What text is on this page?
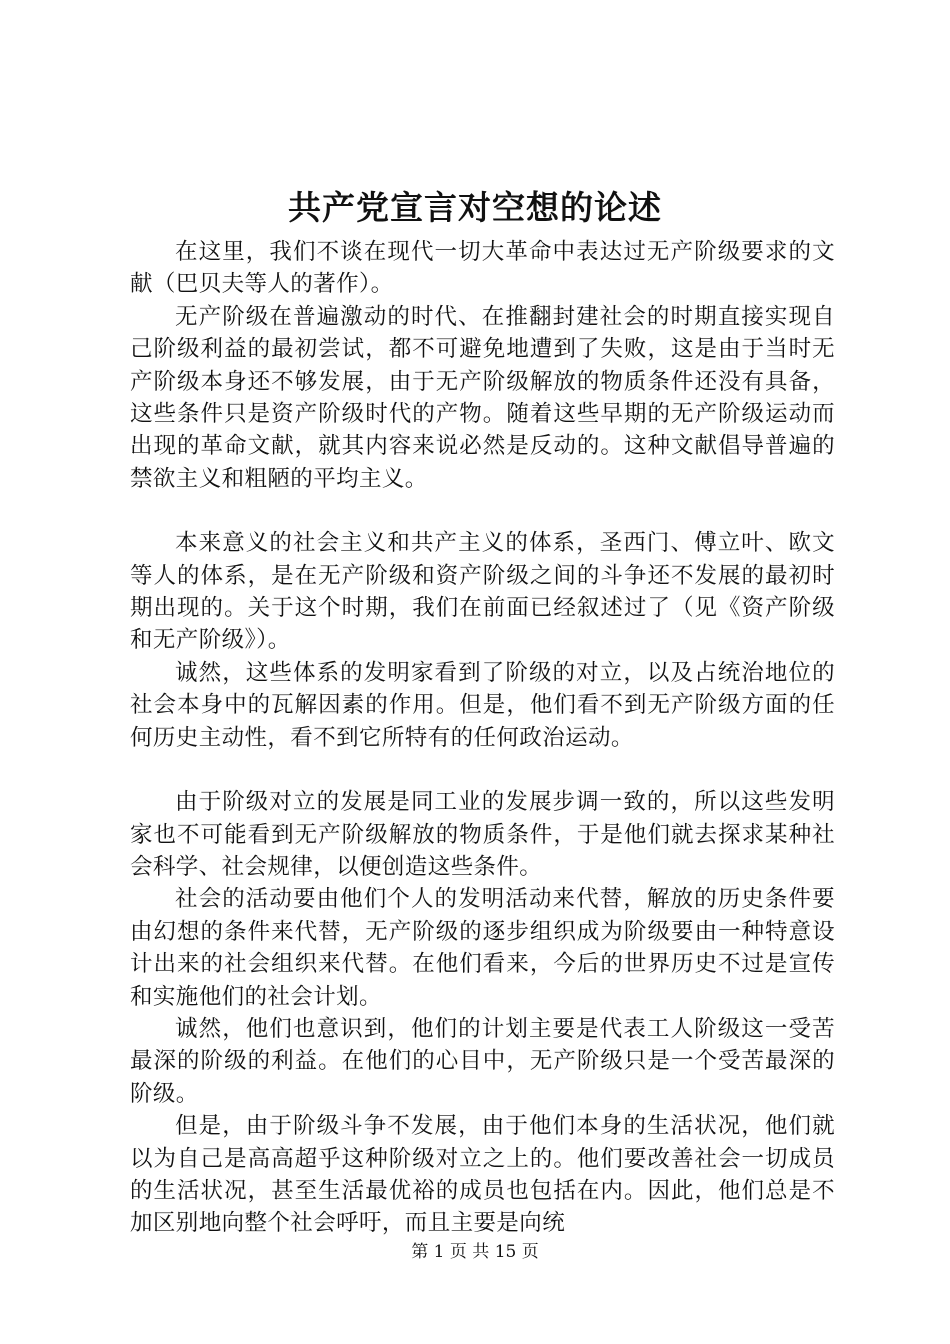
共产党宣言对空想的论述

在这里，我们不谈在现代一切大革命中表达过无产阶级要求的文献（巴贝夫等人的著作）。

无产阶级在普遍激动的时代、在推翻封建社会的时期直接实现自己阶级利益的最初尝试，都不可避免地遭到了失败，这是由于当时无产阶级本身还不够发展，由于无产阶级解放的物质条件还没有具备，这些条件只是资产阶级时代的产物。随着这些早期的无产阶级运动而出现的革命文献，就其内容来说必然是反动的。这种文献倡导普遍的禁欲主义和粗陋的平均主义。

本来意义的社会主义和共产主义的体系，圣西门、傅立叶、欧文等人的体系，是在无产阶级和资产阶级之间的斗争还不发展的最初时期出现的。关于这个时期，我们在前面已经叙述过了（见《资产阶级和无产阶级》）。

诚然，这些体系的发明家看到了阶级的对立，以及占统治地位的社会本身中的瓦解因素的作用。但是，他们看不到无产阶级方面的任何历史主动性，看不到它所特有的任何政治运动。

由于阶级对立的发展是同工业的发展步调一致的，所以这些发明家也不可能看到无产阶级解放的物质条件，于是他们就去探求某种社会科学、社会规律，以便创造这些条件。

社会的活动要由他们个人的发明活动来代替，解放的历史条件要由幻想的条件来代替，无产阶级的逐步组织成为阶级要由一种特意设计出来的社会组织来代替。在他们看来，今后的世界历史不过是宣传和实施他们的社会计划。

诚然，他们也意识到，他们的计划主要是代表工人阶级这一受苦最深的阶级的利益。在他们的心目中，无产阶级只是一个受苦最深的阶级。

但是，由于阶级斗争不发展，由于他们本身的生活状况，他们就以为自己是高高超乎这种阶级对立之上的。他们要改善社会一切成员的生活状况，甚至生活最优裕的成员也包括在内。因此，他们总是不加区别地向整个社会呼吁，而且主要是向统

第 1 页 共 15 页
